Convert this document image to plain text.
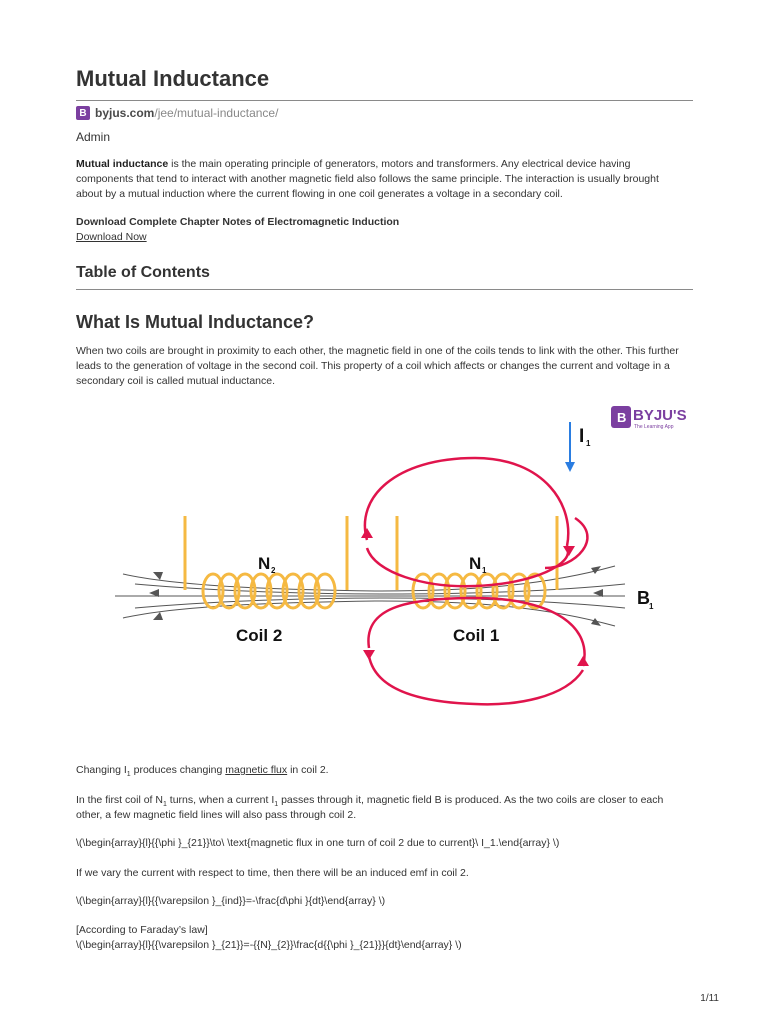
Mutual Inductance
B byjus.com /jee/mutual-inductance/
Admin

Mutual inductance is the main operating principle of generators, motors and transformers. Any electrical device having components that tend to interact with another magnetic field also follows the same principle. The interaction is usually brought about by a mutual induction where the current flowing in one coil generates a voltage in a secondary coil.

Download Complete Chapter Notes of Electromagnetic Induction
Download Now
Table of Contents
What Is Mutual Inductance?

When two coils are brought in proximity to each other, the magnetic field in one of the coils tends to link with the other. This further leads to the generation of voltage in the second coil. This property of a coil which affects or changes the current and voltage in a secondary coil is called mutual inductance.

Changing $I_1$ produces changing magnetic flux in coil 2.
In the first coil of $N_1$ turns, when a current $I_1$ passes through it, magnetic field B is produced. As the two coils are closer to each
other, a few magnetic field lines will also pass through coil 2.
\(\begin{array}{l}{{\phi }_{21}}\to\ \text{magnetic flux in one turn of coil 2 due to current}\ I_1.\end{array} \)
If we vary the current with respect to time, then there will be an induced emf in coil 2.
\(\begin{array}{l}{{\varepsilon }_{ind}}=-\frac{d\phi }{dt}\end{array} \)
[According to Faraday’s law]
\(\begin{array}{l}{{\varepsilon }_{21}}=-{{N}_{2}}\frac{d{{\phi }_{21}}}{dt}\end{array} \)
B BYJU'S
The Learning App
I 1
B 1
N 2
Coil 2
N 1
Coil 1
1/11
